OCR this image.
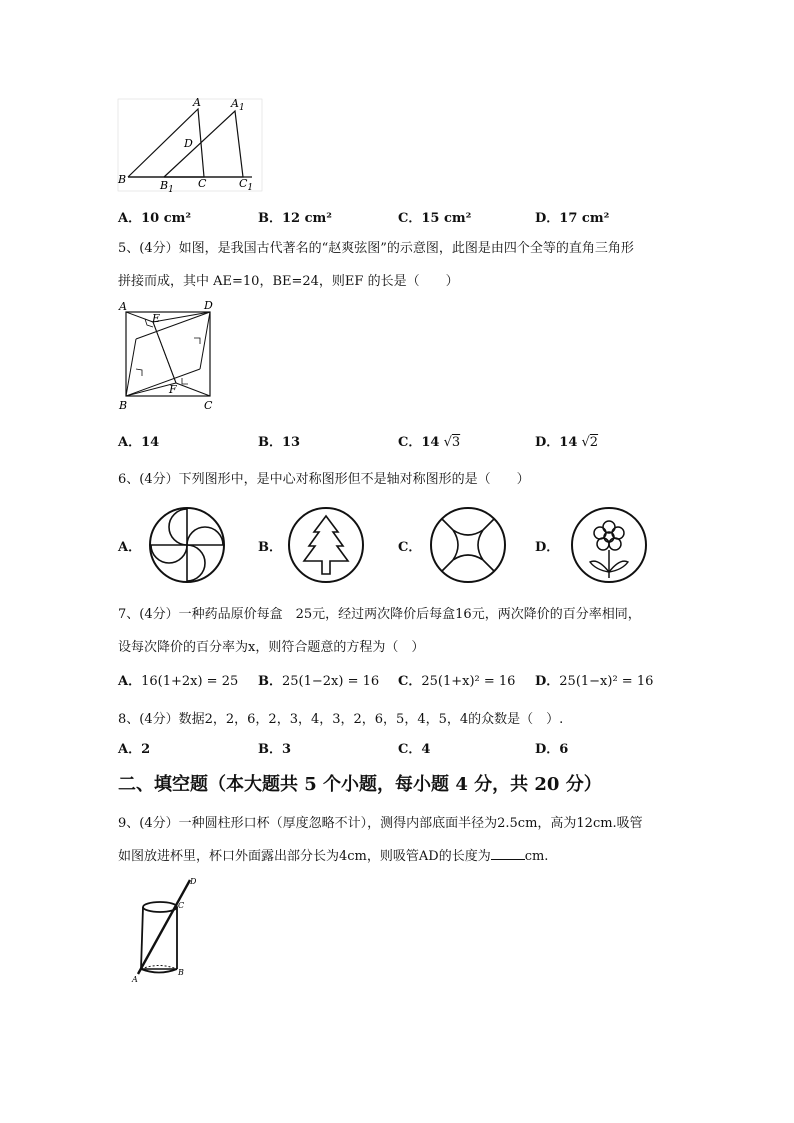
A	$A_1$
D
B	$B_1$ C	$C_1$
A．10 cm²	B．12 cm²	C．15 cm²	D．17 cm²
5、(4分）如图，是我国古代著名的“赵爽弦图”的示意图，此图是由四个全等的直角三角形
拼接而成，其中 AE=10，BE=24，则EF 的长是（　　）
A	D
E
F
B	C
A．14	B．13	C．14 √3	D．14 √2
6、(4分）下列图形中，是中心对称图形但不是轴对称图形的是（　　）
A．	B．	C．	D．
7、(4分）一种药品原价每盒　25元，经过两次降价后每盒16元，两次降价的百分率相同，
设每次降价的百分率为x，则符合题意的方程为（　）
A．16(1+2x) = 25 B．25(1−2x) = 16 C．25(1+x)² = 16 D．25(1−x)² = 16
8、(4分）数据2，2，6，2，3，4，3，2，6，5，4，5，4的众数是（　）.
A．2	B．3	C．4	D．6
二、填空题（本大题共 5 个小题，每小题 4 分，共 20 分）
9、(4分）一种圆柱形口杯（厚度忽略不计），测得内部底面半径为2.5cm，高为12cm.吸管
如图放进杯里，杯口外面露出部分长为4cm，则吸管AD的长度为	cm.
D
C
A
B
